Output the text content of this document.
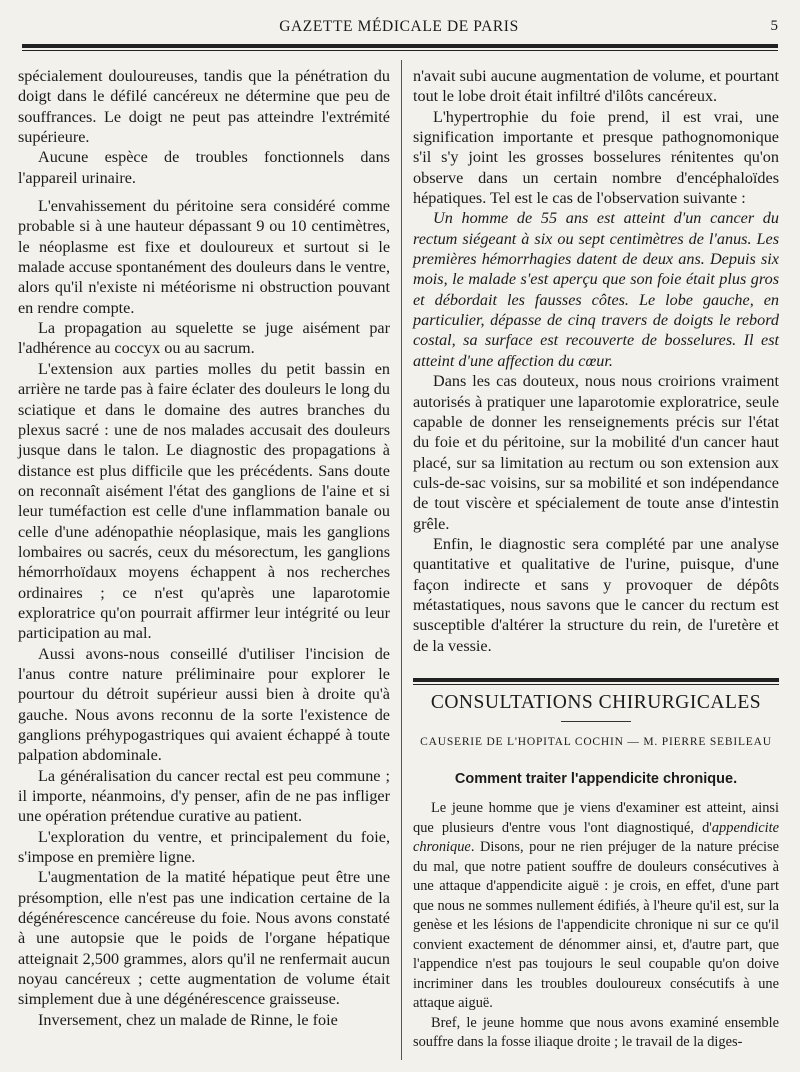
GAZETTE MÉDICALE DE PARIS	5

spécialement douloureuses, tandis que la pénétration du doigt dans le défilé cancéreux ne détermine que peu de souffrances. Le doigt ne peut pas atteindre l'extrémité supérieure.

Aucune espèce de troubles fonctionnels dans l'appareil urinaire.

L'envahissement du péritoine sera considéré comme probable si à une hauteur dépassant 9 ou 10 centimètres, le néoplasme est fixe et douloureux et surtout si le malade accuse spontanément des douleurs dans le ventre, alors qu'il n'existe ni météorisme ni obstruction pouvant en rendre compte.

La propagation au squelette se juge aisément par l'adhérence au coccyx ou au sacrum.

L'extension aux parties molles du petit bassin en arrière ne tarde pas à faire éclater des douleurs le long du sciatique et dans le domaine des autres branches du plexus sacré : une de nos malades accusait des douleurs jusque dans le talon. Le diagnostic des propagations à distance est plus difficile que les précédents. Sans doute on reconnaît aisément l'état des ganglions de l'aine et si leur tuméfaction est celle d'une inflammation banale ou celle d'une adénopathie néoplasique, mais les ganglions lombaires ou sacrés, ceux du mésorectum, les ganglions hémorrhoïdaux moyens échappent à nos recherches ordinaires ; ce n'est qu'après une laparotomie exploratrice qu'on pourrait affirmer leur intégrité ou leur participation au mal.

Aussi avons-nous conseillé d'utiliser l'incision de l'anus contre nature préliminaire pour explorer le pourtour du détroit supérieur aussi bien à droite qu'à gauche. Nous avons reconnu de la sorte l'existence de ganglions préhypogastriques qui avaient échappé à toute palpation abdominale.

La généralisation du cancer rectal est peu commune ; il importe, néanmoins, d'y penser, afin de ne pas infliger une opération prétendue curative au patient.

L'exploration du ventre, et principalement du foie, s'impose en première ligne.

L'augmentation de la matité hépatique peut être une présomption, elle n'est pas une indication certaine de la dégénérescence cancéreuse du foie. Nous avons constaté à une autopsie que le poids de l'organe hépatique atteignait 2,500 grammes, alors qu'il ne renfermait aucun noyau cancéreux ; cette augmentation de volume était simplement due à une dégénérescence graisseuse.

Inversement, chez un malade de Rinne, le foie

n'avait subi aucune augmentation de volume, et pourtant tout le lobe droit était infiltré d'ilôts cancéreux.

L'hypertrophie du foie prend, il est vrai, une signification importante et presque pathognomonique s'il s'y joint les grosses bosselures rénitentes qu'on observe dans un certain nombre d'encéphaloïdes hépatiques. Tel est le cas de l'observation suivante :

Un homme de 55 ans est atteint d'un cancer du rectum siégeant à six ou sept centimètres de l'anus. Les premières hémorrhagies datent de deux ans. Depuis six mois, le malade s'est aperçu que son foie était plus gros et débordait les fausses côtes. Le lobe gauche, en particulier, dépasse de cinq travers de doigts le rebord costal, sa surface est recouverte de bosselures. Il est atteint d'une affection du cœur.

Dans les cas douteux, nous nous croirions vraiment autorisés à pratiquer une laparotomie exploratrice, seule capable de donner les renseignements précis sur l'état du foie et du péritoine, sur la mobilité d'un cancer haut placé, sur sa limitation au rectum ou son extension aux culs-de-sac voisins, sur sa mobilité et son indépendance de tout viscère et spécialement de toute anse d'intestin grêle.

Enfin, le diagnostic sera complété par une analyse quantitative et qualitative de l'urine, puisque, d'une façon indirecte et sans y provoquer de dépôts métastatiques, nous savons que le cancer du rectum est susceptible d'altérer la structure du rein, de l'uretère et de la vessie.

CONSULTATIONS CHIRURGICALES
CAUSERIE DE L'HOPITAL COCHIN — M. PIERRE SEBILEAU
Comment traiter l'appendicite chronique.

Le jeune homme que je viens d'examiner est atteint, ainsi que plusieurs d'entre vous l'ont diagnostiqué, d'appendicite chronique. Disons, pour ne rien préjuger de la nature précise du mal, que notre patient souffre de douleurs consécutives à une attaque d'appendicite aiguë : je crois, en effet, d'une part que nous ne sommes nullement édifiés, à l'heure qu'il est, sur la genèse et les lésions de l'appendicite chronique ni sur ce qu'il convient exactement de dénommer ainsi, et, d'autre part, que l'appendice n'est pas toujours le seul coupable qu'on doive incriminer dans les troubles douloureux consécutifs à une attaque aiguë.

Bref, le jeune homme que nous avons examiné ensemble souffre dans la fosse iliaque droite ; le travail de la diges-
